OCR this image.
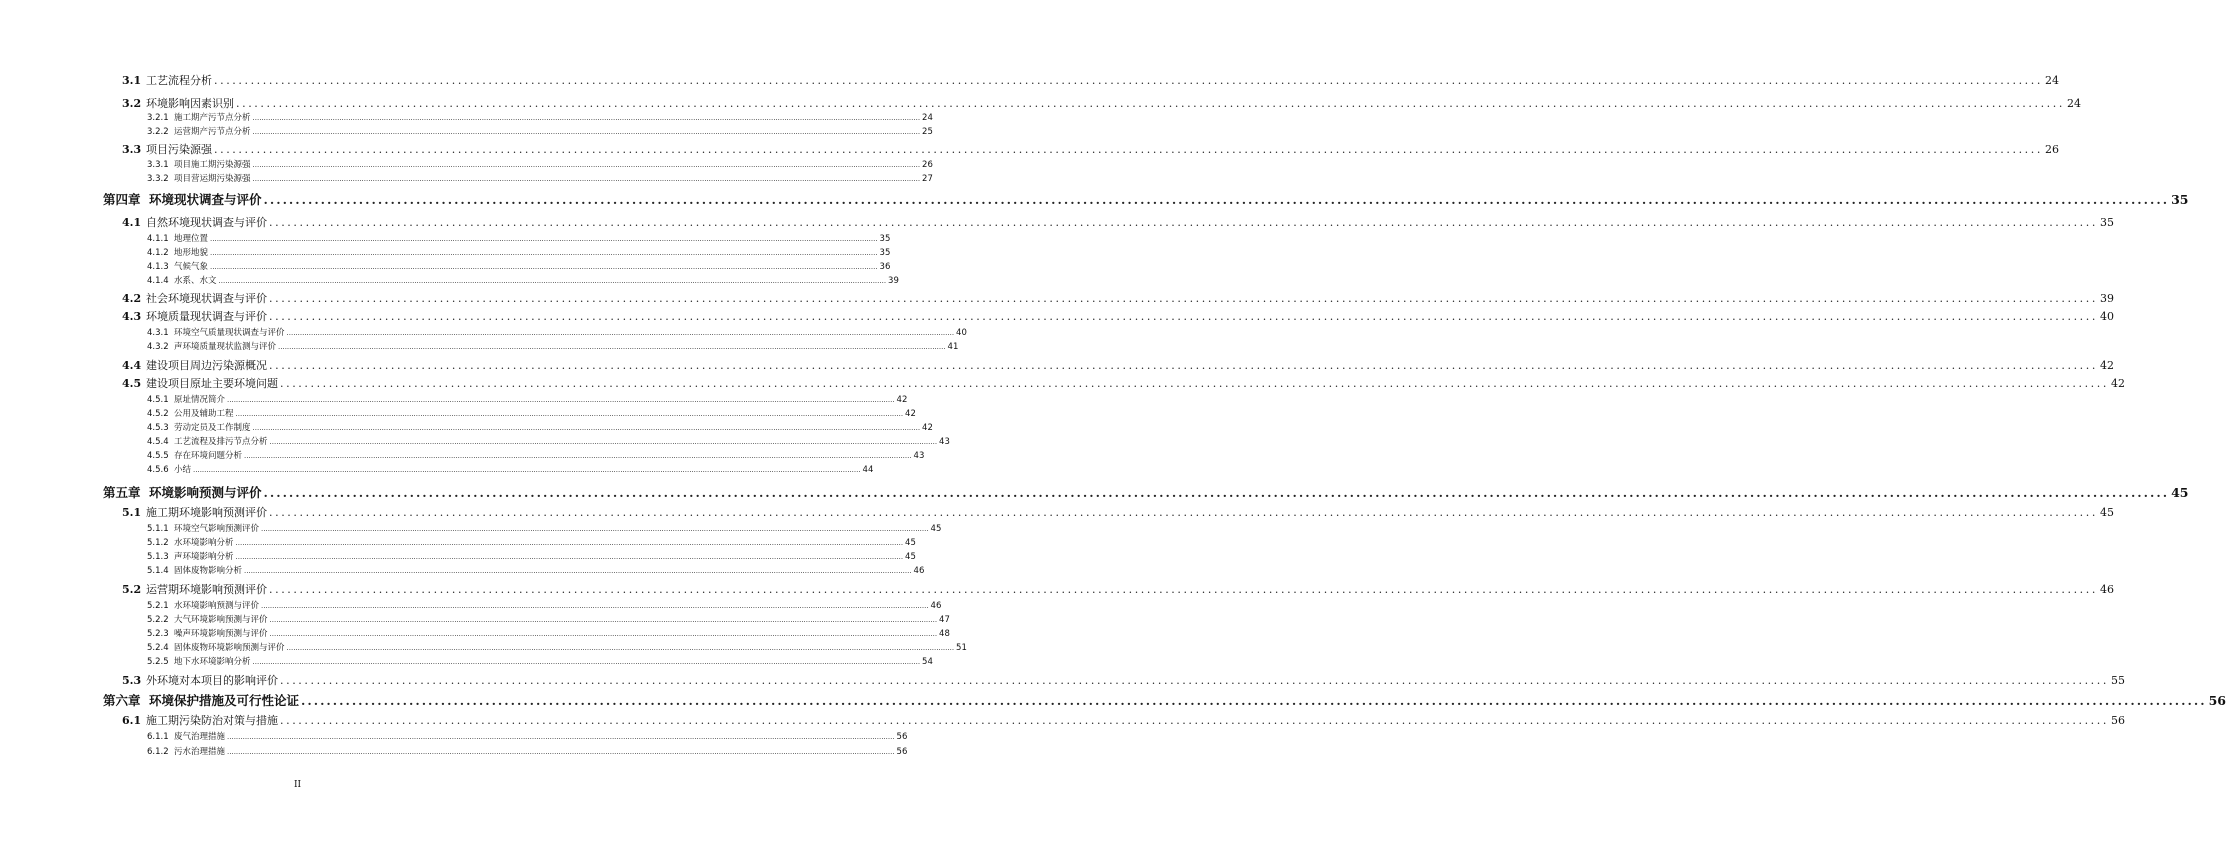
3.1 工艺流程分析 ............................................................................................................................................................................................................................................................................................................ 24
3.2 环境影响因素识别 ............................................................................................................................................................................................................................................................................................................ 24
3.2.1 施工期产污节点分析 ............................................................................................................................................................................................................................................................................................................ 24
3.2.2 运营期产污节点分析 ............................................................................................................................................................................................................................................................................................................ 25
3.3 项目污染源强 ............................................................................................................................................................................................................................................................................................................ 26
3.3.1 项目施工期污染源强 ............................................................................................................................................................................................................................................................................................................ 26
3.3.2 项目营运期污染源强 ............................................................................................................................................................................................................................................................................................................ 27
第四章 环境现状调查与评价 ............................................................................................................................................................................................................................................................................................................ 35
4.1 自然环境现状调查与评价 ............................................................................................................................................................................................................................................................................................................ 35
4.1.1 地理位置 ............................................................................................................................................................................................................................................................................................................ 35
4.1.2 地形地貌 ............................................................................................................................................................................................................................................................................................................ 35
4.1.3 气候气象 ............................................................................................................................................................................................................................................................................................................ 36
4.1.4 水系、水文 ............................................................................................................................................................................................................................................................................................................ 39
4.2 社会环境现状调查与评价 ............................................................................................................................................................................................................................................................................................................ 39
4.3 环境质量现状调查与评价 ............................................................................................................................................................................................................................................................................................................ 40
4.3.1 环境空气质量现状调查与评价 ............................................................................................................................................................................................................................................................................................................ 40
4.3.2 声环境质量现状监测与评价 ............................................................................................................................................................................................................................................................................................................ 41
4.4 建设项目周边污染源概况 ............................................................................................................................................................................................................................................................................................................ 42
4.5 建设项目原址主要环境问题 ............................................................................................................................................................................................................................................................................................................ 42
4.5.1 原址情况简介 ............................................................................................................................................................................................................................................................................................................ 42
4.5.2 公用及辅助工程 ............................................................................................................................................................................................................................................................................................................ 42
4.5.3 劳动定员及工作制度 ............................................................................................................................................................................................................................................................................................................ 42
4.5.4 工艺流程及排污节点分析 ............................................................................................................................................................................................................................................................................................................ 43
4.5.5 存在环境问题分析 ............................................................................................................................................................................................................................................................................................................ 43
4.5.6 小结 ............................................................................................................................................................................................................................................................................................................ 44
第五章 环境影响预测与评价 ............................................................................................................................................................................................................................................................................................................ 45
5.1 施工期环境影响预测评价 ............................................................................................................................................................................................................................................................................................................ 45
5.1.1 环境空气影响预测评价 ............................................................................................................................................................................................................................................................................................................ 45
5.1.2 水环境影响分析 ............................................................................................................................................................................................................................................................................................................ 45
5.1.3 声环境影响分析 ............................................................................................................................................................................................................................................................................................................ 45
5.1.4 固体废物影响分析 ............................................................................................................................................................................................................................................................................................................ 46
5.2 运营期环境影响预测评价 ............................................................................................................................................................................................................................................................................................................ 46
5.2.1 水环境影响预测与评价 ............................................................................................................................................................................................................................................................................................................ 46
5.2.2 大气环境影响预测与评价 ............................................................................................................................................................................................................................................................................................................ 47
5.2.3 噪声环境影响预测与评价 ............................................................................................................................................................................................................................................................................................................ 48
5.2.4 固体废物环境影响预测与评价 ............................................................................................................................................................................................................................................................................................................ 51
5.2.5 地下水环境影响分析 ............................................................................................................................................................................................................................................................................................................ 54
5.3 外环境对本项目的影响评价 ............................................................................................................................................................................................................................................................................................................ 55
第六章 环境保护措施及可行性论证 ............................................................................................................................................................................................................................................................................................................ 56
6.1 施工期污染防治对策与措施 ............................................................................................................................................................................................................................................................................................................ 56
6.1.1 废气治理措施 ............................................................................................................................................................................................................................................................................................................ 56
6.1.2 污水治理措施 ............................................................................................................................................................................................................................................................................................................ 56
II
